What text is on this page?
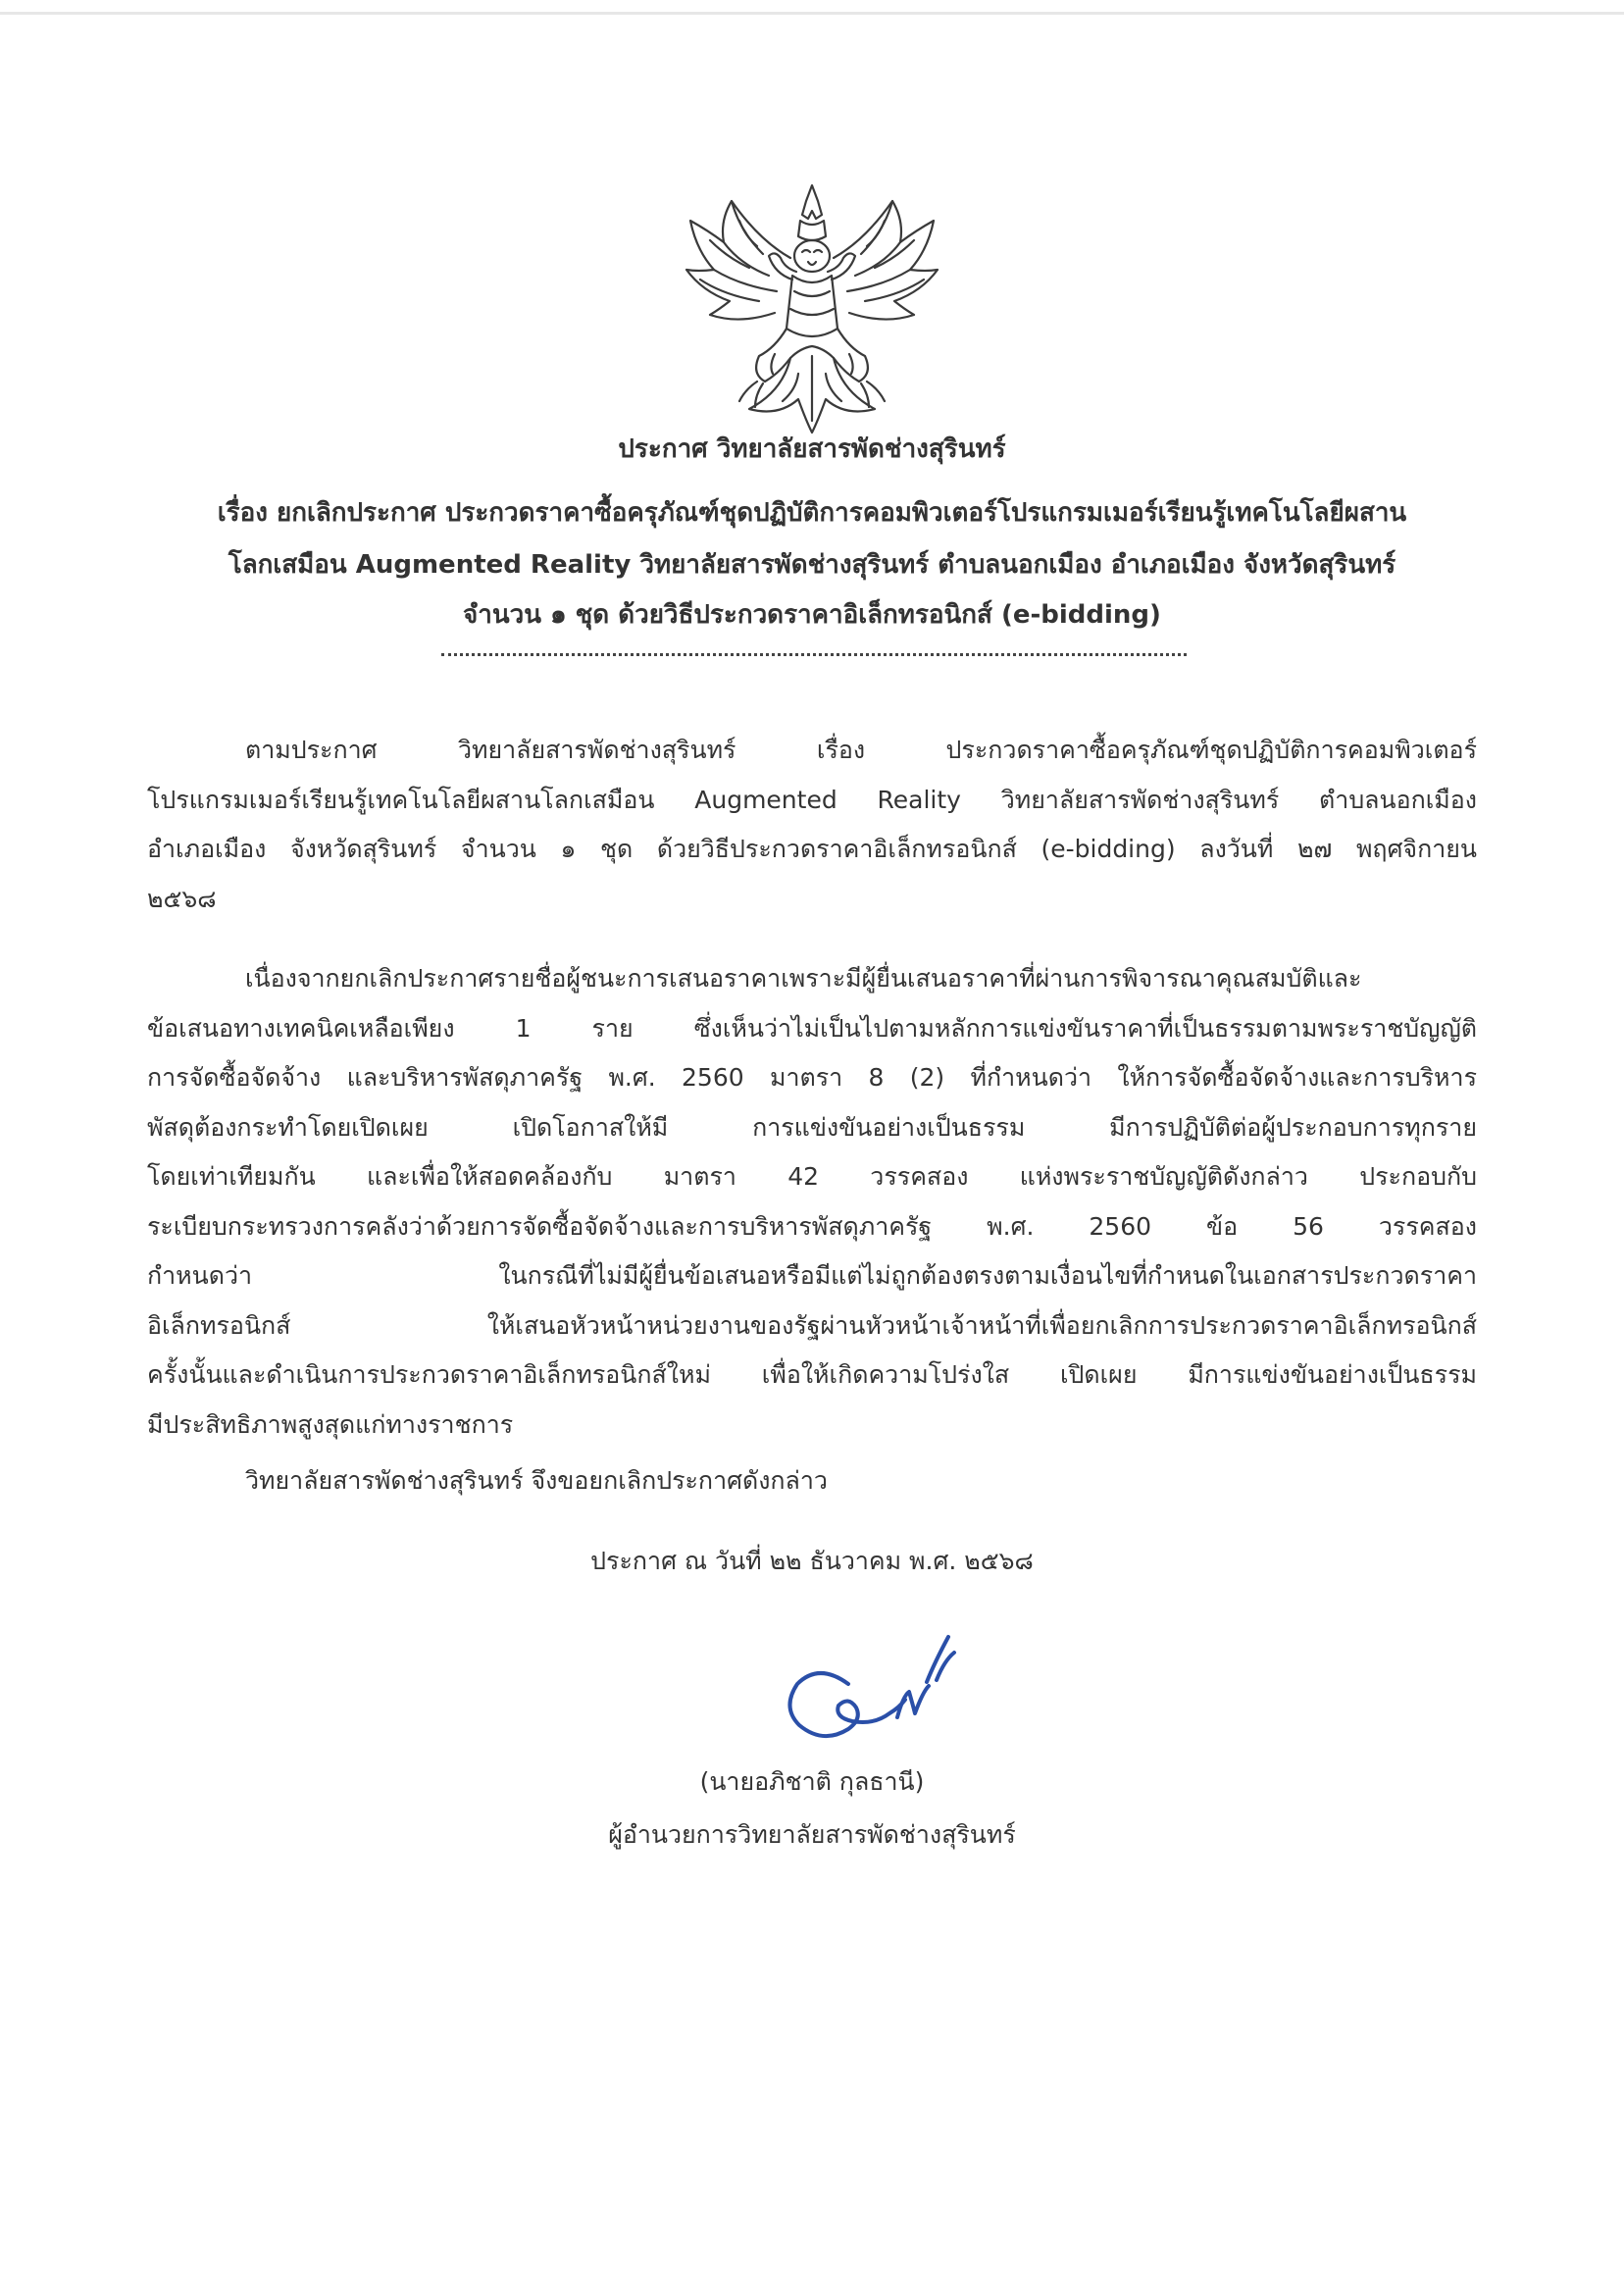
ประกาศ วิทยาลัยสารพัดช่างสุรินทร์
เรื่อง ยกเลิกประกาศ ประกวดราคาซื้อครุภัณฑ์ชุดปฏิบัติการคอมพิวเตอร์โปรแกรมเมอร์เรียนรู้เทคโนโลยีผสาน
โลกเสมือน Augmented Reality วิทยาลัยสารพัดช่างสุรินทร์ ตำบลนอกเมือง อำเภอเมือง จังหวัดสุรินทร์
จำนวน ๑ ชุด ด้วยวิธีประกวดราคาอิเล็กทรอนิกส์ (e-bidding)
ตามประกาศ วิทยาลัยสารพัดช่างสุรินทร์ เรื่อง ประกวดราคาซื้อครุภัณฑ์ชุดปฏิบัติการคอมพิวเตอร์
โปรแกรมเมอร์เรียนรู้เทคโนโลยีผสานโลกเสมือน Augmented Reality วิทยาลัยสารพัดช่างสุรินทร์ ตำบลนอกเมือง
อำเภอเมือง จังหวัดสุรินทร์ จำนวน ๑ ชุด ด้วยวิธีประกวดราคาอิเล็กทรอนิกส์ (e-bidding) ลงวันที่ ๒๗ พฤศจิกายน
๒๕๖๘
เนื่องจากยกเลิกประกาศรายชื่อผู้ชนะการเสนอราคาเพราะมีผู้ยื่นเสนอราคาที่ผ่านการพิจารณาคุณสมบัติและ
ข้อเสนอทางเทคนิคเหลือเพียง 1 ราย ซึ่งเห็นว่าไม่เป็นไปตามหลักการแข่งขันราคาที่เป็นธรรมตามพระราชบัญญัติ
การจัดซื้อจัดจ้าง และบริหารพัสดุภาครัฐ พ.ศ. 2560 มาตรา 8 (2) ที่กำหนดว่า ให้การจัดซื้อจัดจ้างและการบริหาร
พัสดุต้องกระทำโดยเปิดเผย เปิดโอกาสให้มี การแข่งขันอย่างเป็นธรรม มีการปฏิบัติต่อผู้ประกอบการทุกราย
โดยเท่าเทียมกัน และเพื่อให้สอดคล้องกับ มาตรา 42 วรรคสอง แห่งพระราชบัญญัติดังกล่าว ประกอบกับ
ระเบียบกระทรวงการคลังว่าด้วยการจัดซื้อจัดจ้างและการบริหารพัสดุภาครัฐ พ.ศ. 2560 ข้อ 56 วรรคสอง
กำหนดว่า ในกรณีที่ไม่มีผู้ยื่นข้อเสนอหรือมีแต่ไม่ถูกต้องตรงตามเงื่อนไขที่กำหนดในเอกสารประกวดราคา
อิเล็กทรอนิกส์ ให้เสนอหัวหน้าหน่วยงานของรัฐผ่านหัวหน้าเจ้าหน้าที่เพื่อยกเลิกการประกวดราคาอิเล็กทรอนิกส์
ครั้งนั้นและดำเนินการประกวดราคาอิเล็กทรอนิกส์ใหม่ เพื่อให้เกิดความโปร่งใส เปิดเผย มีการแข่งขันอย่างเป็นธรรม
มีประสิทธิภาพสูงสุดแก่ทางราชการ
วิทยาลัยสารพัดช่างสุรินทร์ จึงขอยกเลิกประกาศดังกล่าว
ประกาศ ณ วันที่ ๒๒ ธันวาคม พ.ศ. ๒๕๖๘
(นายอภิชาติ กุลธานี)
ผู้อำนวยการวิทยาลัยสารพัดช่างสุรินทร์
